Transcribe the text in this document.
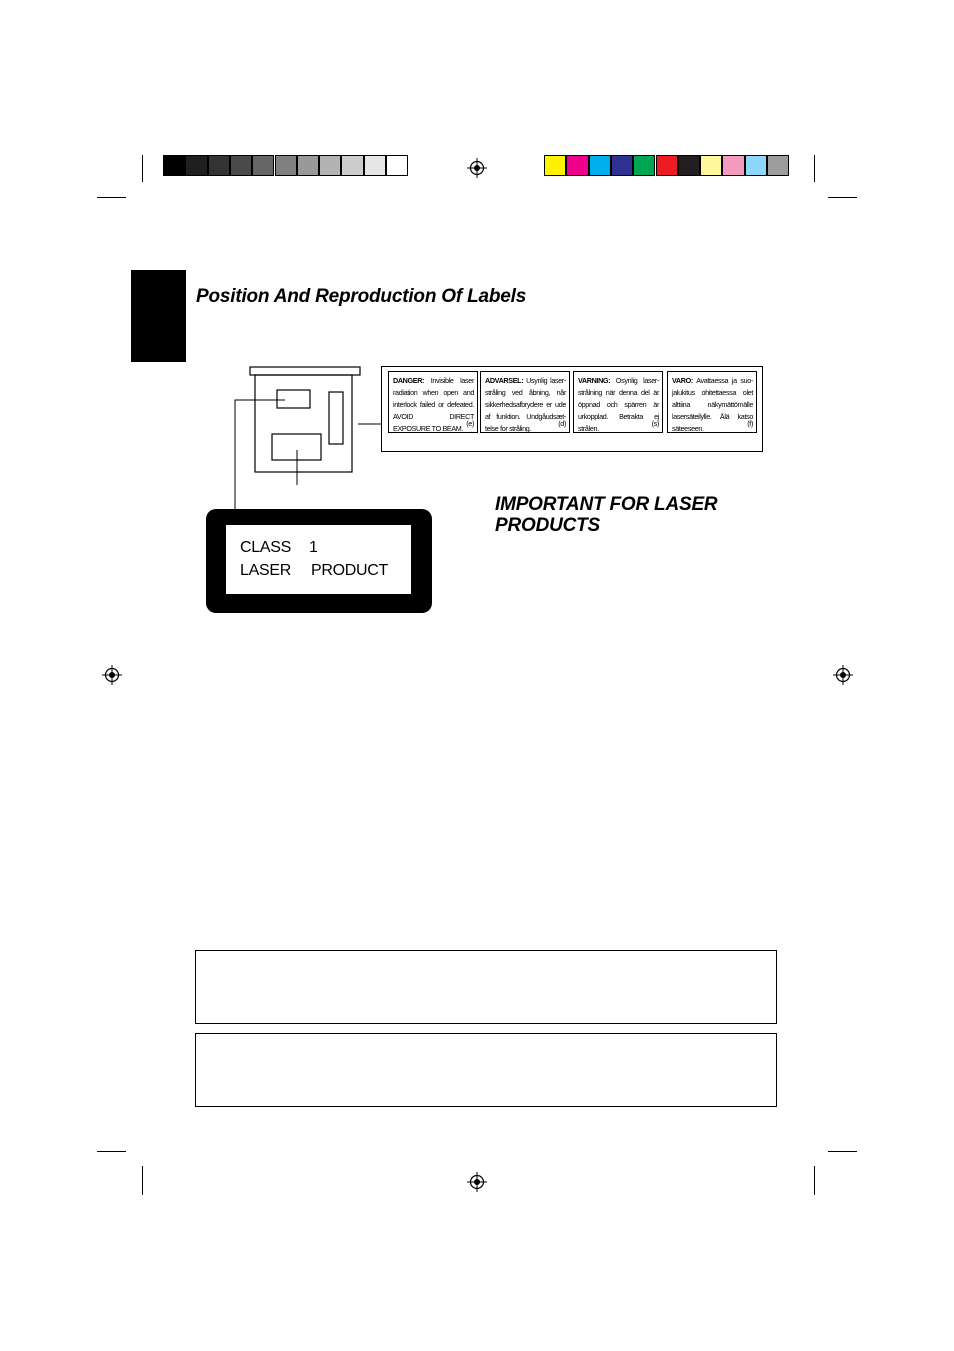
Position And Reproduction Of Labels
DANGER: Invisible laser radiation when open and interlock failed or defeated. AVOID DIRECT EXPOSURE TO BEAM.
(e)
ADVARSEL: Usynlig laser-stråling ved åbning, når sikkerhedsafbrydere er ude af funktion. Undgåudsæt-telse for stråling.
(d)
VARNING: Osynlig laser-strålning när denna del är öppnad och spärren är urkopplad. Betrakta ej strålen.
(s)
VARO: Avattaessa ja suo-jalukitus ohitettaessa olet alttiina näkymättömälle lasersäteilylle. Älä katso säteeseen.
(f)
CLASS 1
LASER PRODUCT
IMPORTANT FOR LASER PRODUCTS
